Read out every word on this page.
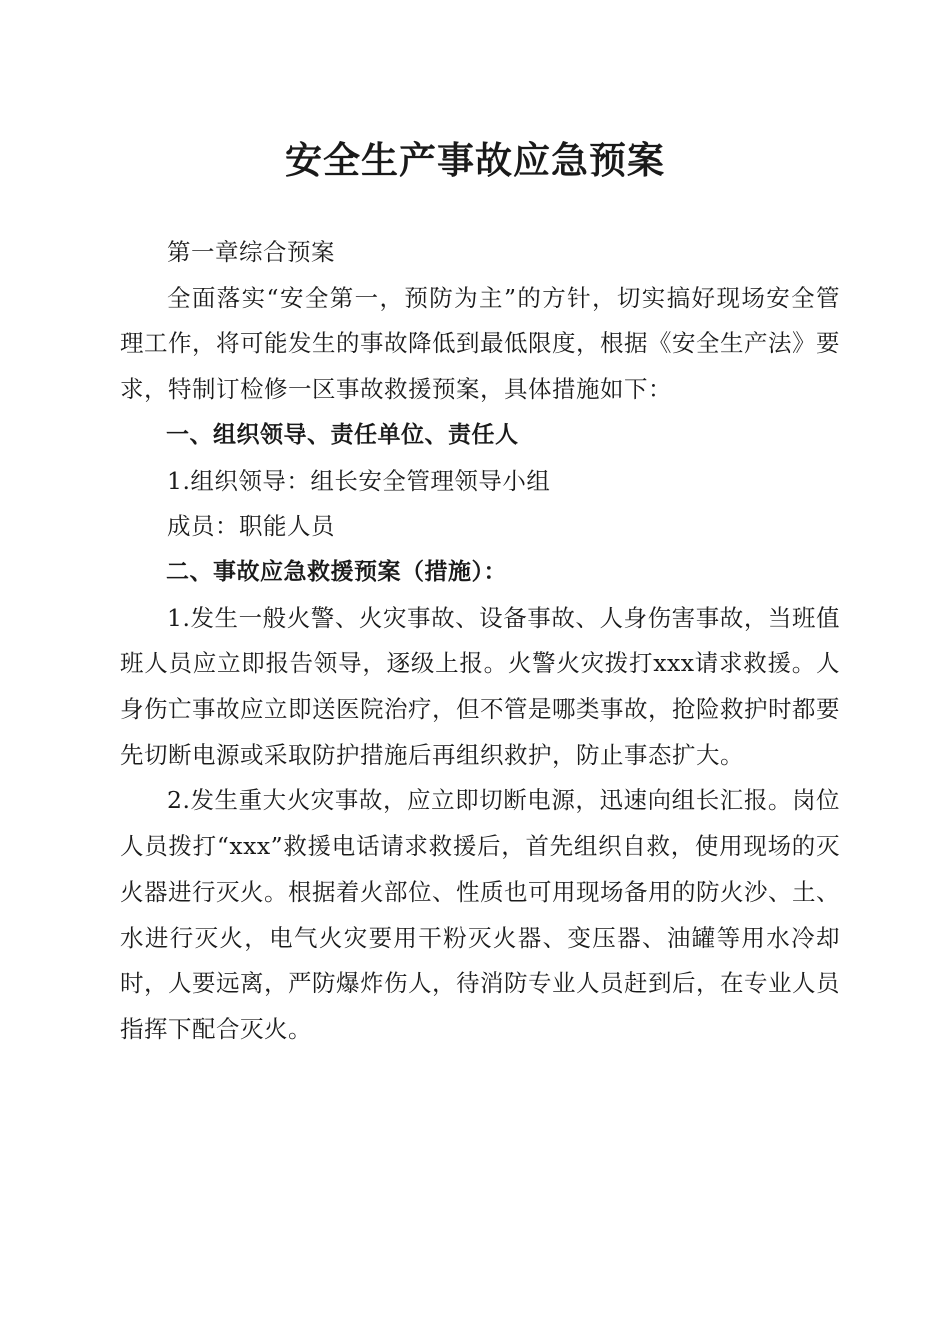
安全生产事故应急预案

第一章综合预案

全面落实“安全第一，预防为主”的方针，切实搞好现场安全管理工作，将可能发生的事故降低到最低限度，根据《安全生产法》要求，特制订检修一区事故救援预案，具体措施如下：

一、组织领导、责任单位、责任人

1.组织领导：组长安全管理领导小组

成员：职能人员

二、事故应急救援预案（措施）：

1.发生一般火警、火灾事故、设备事故、人身伤害事故，当班值班人员应立即报告领导，逐级上报。火警火灾拨打xxx请求救援。人身伤亡事故应立即送医院治疗，但不管是哪类事故，抢险救护时都要先切断电源或采取防护措施后再组织救护，防止事态扩大。

2.发生重大火灾事故，应立即切断电源，迅速向组长汇报。岗位人员拨打“xxx”救援电话请求救援后，首先组织自救，使用现场的灭火器进行灭火。根据着火部位、性质也可用现场备用的防火沙、土、水进行灭火，电气火灾要用干粉灭火器、变压器、油罐等用水冷却时，人要远离，严防爆炸伤人，待消防专业人员赶到后，在专业人员指挥下配合灭火。
